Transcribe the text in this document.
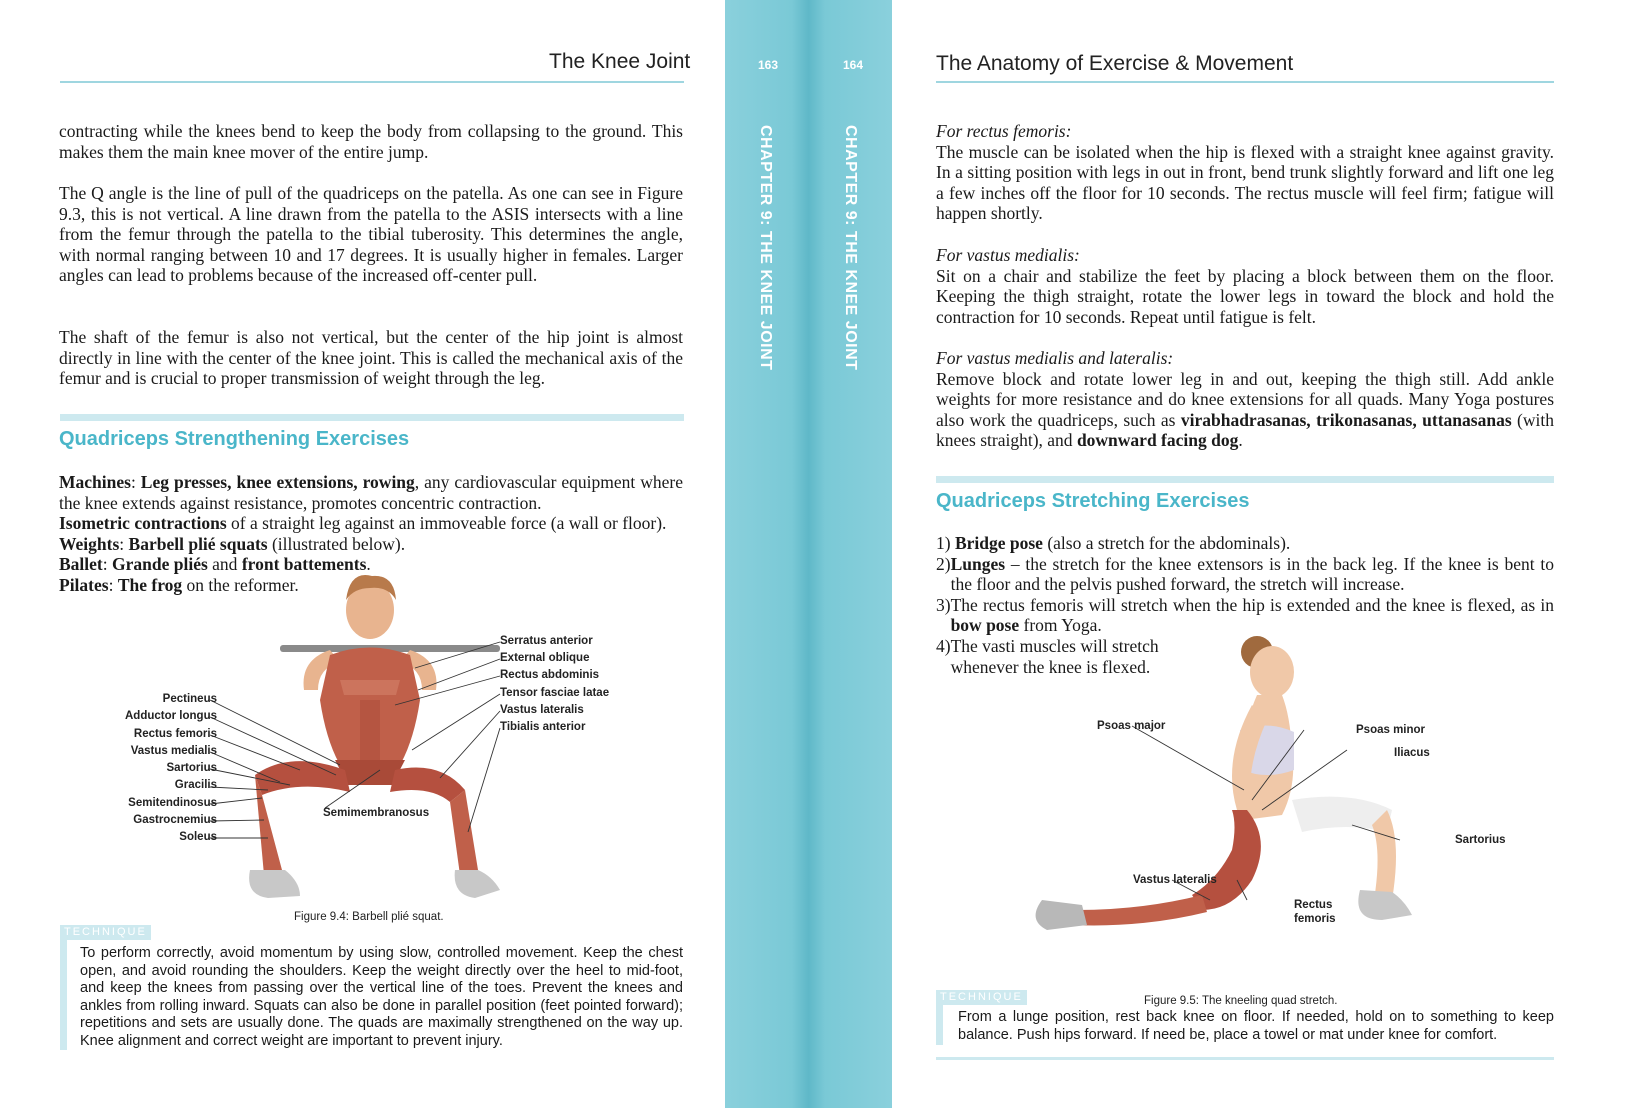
The Knee Joint

contracting while the knees bend to keep the body from collapsing to the ground. This makes them the main knee mover of the entire jump.

The Q angle is the line of pull of the quadriceps on the patella. As one can see in Figure 9.3, this is not vertical. A line drawn from the patella to the ASIS intersects with a line from the femur through the patella to the tibial tuberosity. This determines the angle, with normal ranging between 10 and 17 degrees. It is usually higher in females. Larger angles can lead to problems because of the increased off-center pull.

The shaft of the femur is also not vertical, but the center of the hip joint is almost directly in line with the center of the knee joint. This is called the mechanical axis of the femur and is crucial to proper transmission of weight through the leg.

Quadriceps Strengthening Exercises
Machines: Leg presses, knee extensions, rowing, any cardiovascular equipment where the knee extends against resistance, promotes concentric contraction.
Isometric contractions of a straight leg against an immoveable force (a wall or floor).
Weights: Barbell plié squats (illustrated below).
Ballet: Grande pliés and front battements.
Pilates: The frog on the reformer.
Pectineus
Adductor longus
Rectus femoris
Vastus medialis
Sartorius
Gracilis
Semitendinosus
Gastrocnemius
Soleus
Serratus anterior
External oblique
Rectus abdominis
Tensor fasciae latae
Vastus lateralis
Tibialis anterior
Semimembranosus
Figure 9.4: Barbell plié squat.
TECHNIQUE

To perform correctly, avoid momentum by using slow, controlled movement. Keep the chest open, and avoid rounding the shoulders. Keep the weight directly over the heel to mid-foot, and keep the knees from passing over the vertical line of the toes. Prevent the knees and ankles from rolling inward. Squats can also be done in parallel position (feet pointed forward); repetitions and sets are usually done. The quads are maximally strengthened on the way up. Knee alignment and correct weight are important to prevent injury.

163	164
CHAPTER 9: THE KNEE JOINT	CHAPTER 9: THE KNEE JOINT
The Anatomy of Exercise & Movement
For rectus femoris:
The muscle can be isolated when the hip is flexed with a straight knee against gravity. In a sitting position with legs in out in front, bend trunk slightly forward and lift one leg a few inches off the floor for 10 seconds. The rectus muscle will feel firm; fatigue will happen shortly.
For vastus medialis:
Sit on a chair and stabilize the feet by placing a block between them on the floor. Keeping the thigh straight, rotate the lower legs in toward the block and hold the contraction for 10 seconds. Repeat until fatigue is felt.
For vastus medialis and lateralis:
Remove block and rotate lower leg in and out, keeping the thigh still. Add ankle weights for more resistance and do knee extensions for all quads. Many Yoga postures also work the quadriceps, such as virabhadrasanas, trikonasanas, uttanasanas (with knees straight), and downward facing dog.
Quadriceps Stretching Exercises
1) Bridge pose (also a stretch for the abdominals).
2) Lunges – the stretch for the knee extensors is in the back leg. If the knee is bent to the floor and the pelvis pushed forward, the stretch will increase.
3) The rectus femoris will stretch when the hip is extended and the knee is flexed, as in bow pose from Yoga.
4) The vasti muscles will stretch
whenever the knee is flexed.
Psoas major	Psoas minor
Iliacus
Sartorius
Vastus lateralis
Rectus
femoris
Figure 9.5: The kneeling quad stretch.
TECHNIQUE

From a lunge position, rest back knee on floor. If needed, hold on to something to keep balance. Push hips forward. If need be, place a towel or mat under knee for comfort.
